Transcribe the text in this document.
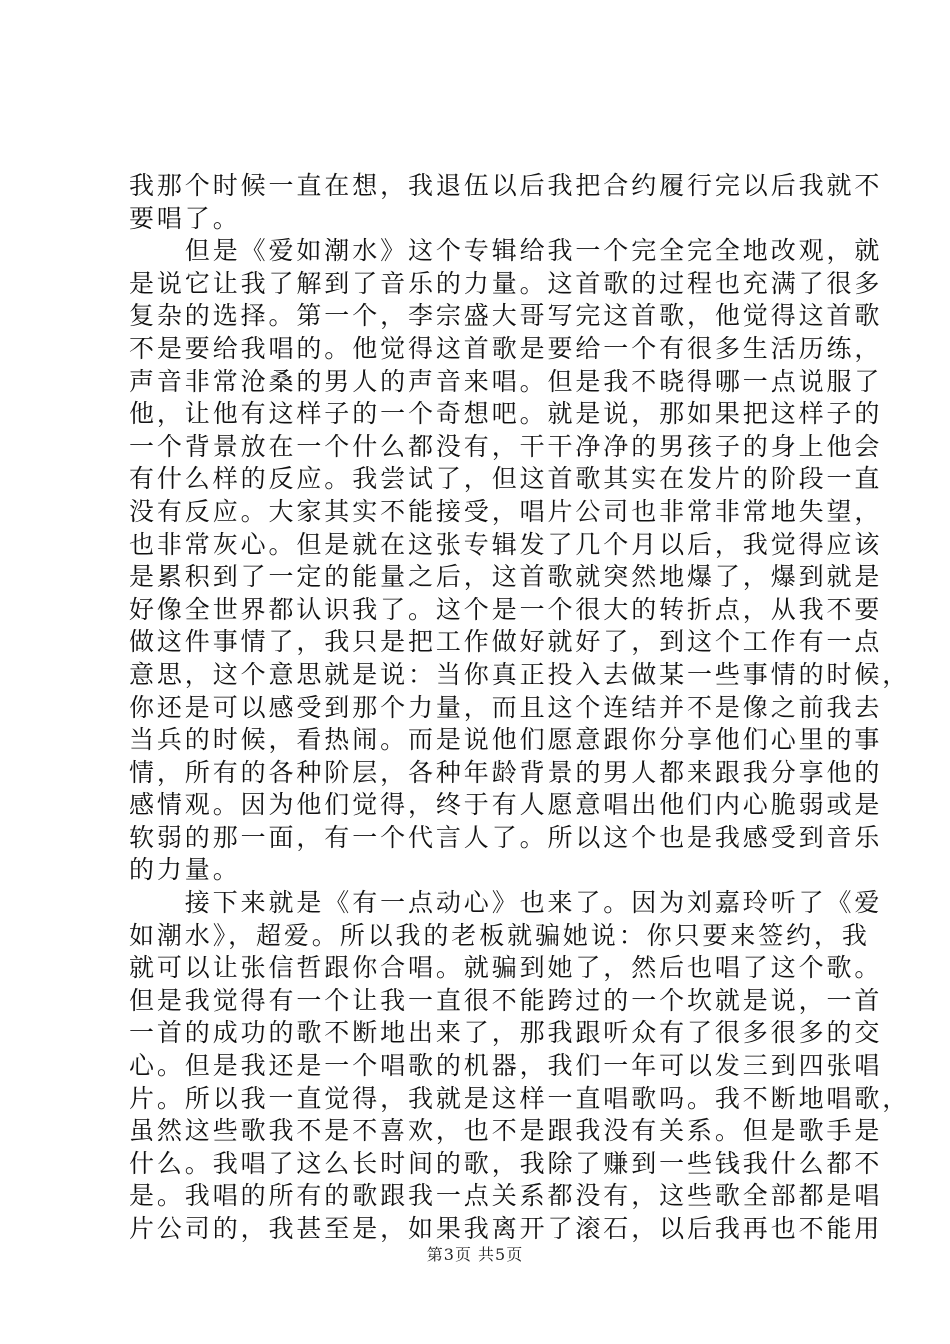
我那个时候一直在想，我退伍以后我把合约履行完以后我就不
要唱了。
　　但是《爱如潮水》这个专辑给我一个完全完全地改观，就
是说它让我了解到了音乐的力量。这首歌的过程也充满了很多
复杂的选择。第一个，李宗盛大哥写完这首歌，他觉得这首歌
不是要给我唱的。他觉得这首歌是要给一个有很多生活历练，
声音非常沧桑的男人的声音来唱。但是我不晓得哪一点说服了
他，让他有这样子的一个奇想吧。就是说，那如果把这样子的
一个背景放在一个什么都没有，干干净净的男孩子的身上他会
有什么样的反应。我尝试了，但这首歌其实在发片的阶段一直
没有反应。大家其实不能接受，唱片公司也非常非常地失望，
也非常灰心。但是就在这张专辑发了几个月以后，我觉得应该
是累积到了一定的能量之后，这首歌就突然地爆了，爆到就是
好像全世界都认识我了。这个是一个很大的转折点，从我不要
做这件事情了，我只是把工作做好就好了，到这个工作有一点
意思，这个意思就是说：当你真正投入去做某一些事情的时候，
你还是可以感受到那个力量，而且这个连结并不是像之前我去
当兵的时候，看热闹。而是说他们愿意跟你分享他们心里的事
情，所有的各种阶层，各种年龄背景的男人都来跟我分享他的
感情观。因为他们觉得，终于有人愿意唱出他们内心脆弱或是
软弱的那一面，有一个代言人了。所以这个也是我感受到音乐
的力量。
　　接下来就是《有一点动心》也来了。因为刘嘉玲听了《爱
如潮水》，超爱。所以我的老板就骗她说：你只要来签约，我
就可以让张信哲跟你合唱。就骗到她了，然后也唱了这个歌。
但是我觉得有一个让我一直很不能跨过的一个坎就是说，一首
一首的成功的歌不断地出来了，那我跟听众有了很多很多的交
心。但是我还是一个唱歌的机器，我们一年可以发三到四张唱
片。所以我一直觉得，我就是这样一直唱歌吗。我不断地唱歌，
虽然这些歌我不是不喜欢，也不是跟我没有关系。但是歌手是
什么。我唱了这么长时间的歌，我除了赚到一些钱我什么都不
是。我唱的所有的歌跟我一点关系都没有，这些歌全部都是唱
片公司的，我甚至是，如果我离开了滚石，以后我再也不能用
第3页 共5页
